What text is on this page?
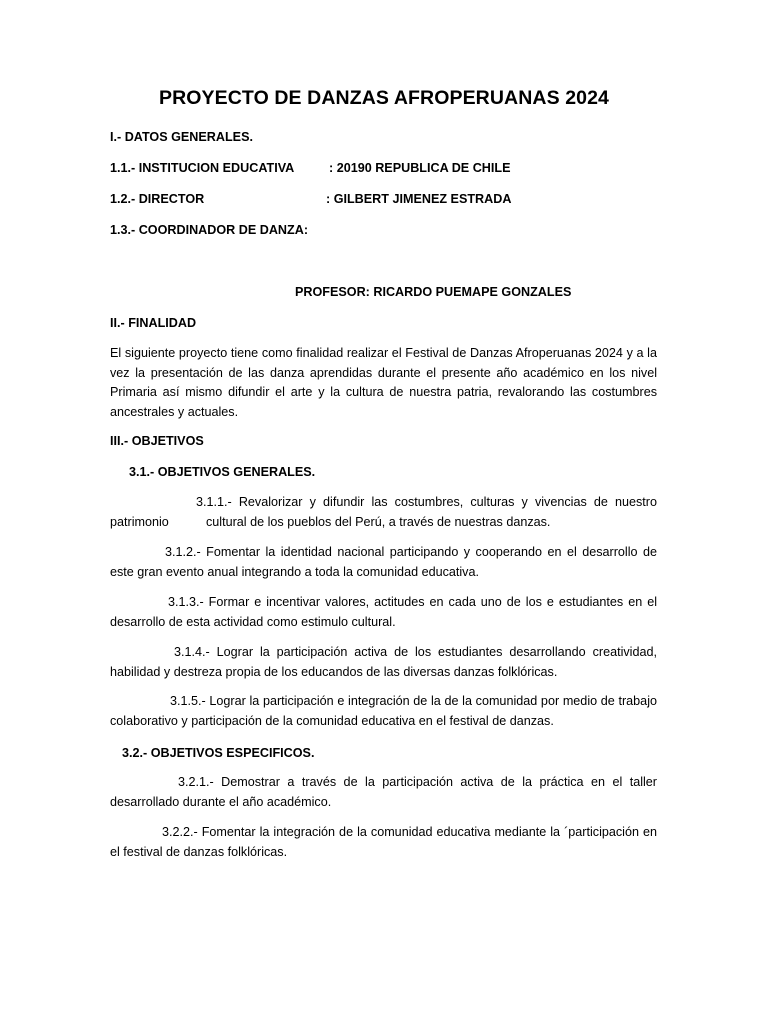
PROYECTO DE DANZAS AFROPERUANAS 2024
I.- DATOS GENERALES.
1.1.- INSTITUCION EDUCATIVA	: 20190 REPUBLICA DE CHILE
1.2.- DIRECTOR	: GILBERT JIMENEZ ESTRADA
1.3.- COORDINADOR DE DANZA:
PROFESOR: RICARDO PUEMAPE GONZALES
II.- FINALIDAD
El siguiente proyecto tiene como finalidad realizar el Festival de Danzas Afroperuanas 2024 y a la vez la presentación de las danza aprendidas durante el presente año académico en los nivel Primaria así mismo difundir el arte y la cultura de nuestra patria, revalorando las costumbres ancestrales y actuales.
III.- OBJETIVOS
3.1.- OBJETIVOS GENERALES.
3.1.1.- Revalorizar y difundir las costumbres, culturas y vivencias de nuestro
patrimonio	cultural de los pueblos del Perú, a través de nuestras danzas.
3.1.2.- Fomentar la identidad nacional participando y cooperando en el desarrollo de este gran evento anual integrando a toda la comunidad educativa.
3.1.3.- Formar e incentivar valores, actitudes en cada uno de los e estudiantes en el desarrollo de esta actividad como estimulo cultural.
3.1.4.- Lograr la participación activa de los estudiantes desarrollando creatividad, habilidad y destreza propia de los educandos de las diversas danzas folklóricas.
3.1.5.- Lograr la participación e integración de la de la comunidad por medio de trabajo colaborativo y participación de la comunidad educativa en el festival de danzas.
3.2.- OBJETIVOS ESPECIFICOS.
3.2.1.- Demostrar a través de la participación activa de la práctica en el taller desarrollado durante el año académico.
3.2.2.- Fomentar la integración de la comunidad educativa mediante la ´participación en el festival de danzas folklóricas.
